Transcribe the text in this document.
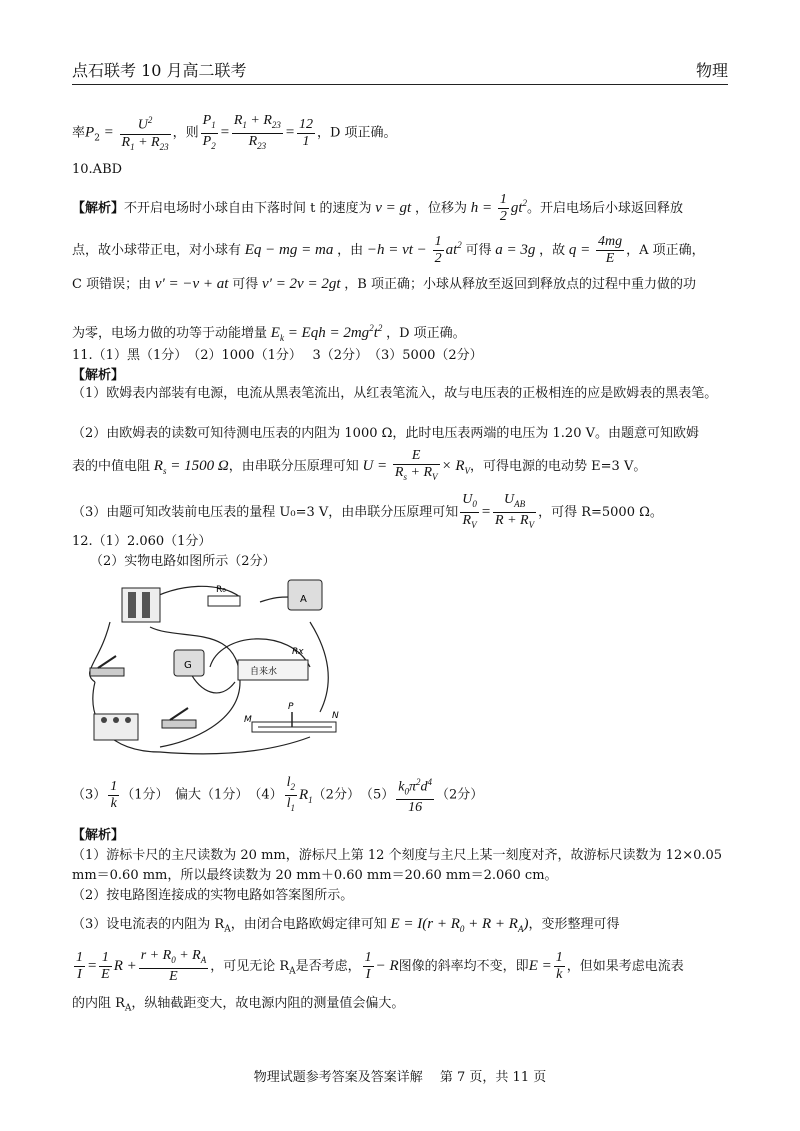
点石联考 10 月高二联考	物理
率$P_2 = \frac{U^2}{R_1 + R_{23}}$ ，则 $\frac{P_1}{P_2} = \frac{R_1 + R_{23}}{R_{23}} = \frac{12}{1}$ ，D 项正确。
10.ABD
【解析】不开启电场时小球自由下落时间 t 的速度为 v = gt ，位移为 $h = \frac{1}{2} gt^2$。开启电场后小球返回释放
点，故小球带正电，对小球有 Eq − mg = ma ，由 −h = vt − $\frac{1}{2} at^2$ 可得 a = 3g ，故 $q = \frac{4mg}{E}$ ，A 项正确，
C 项错误；由 v′ = −v + at 可得 v′ = 2v = 2gt ，B 项正确；小球从释放至返回到释放点的过程中重力做的功
为零，电场力做的功等于动能增量 $E_k$ = Eqh = $2mg^2t^2$ ，D 项正确。
11.（1）黑（1分）　（2）1000（1分）　 3（2分）　（3）5000（2分）
【解析】
（1）欧姆表内部装有电源，电流从黑表笔流出，从红表笔流入，故与电压表的正极相连的应是欧姆表的黑表笔。
（2）由欧姆表的读数可知待测电压表的内阻为 1000 Ω，此时电压表两端的电压为 1.20 V。由题意可知欧姆
表的中值电阻 $R_s = 1500$ Ω，由串联分压原理可知 $U = \frac{E}{R_s + R_V} \times R_V$，可得电源的电动势 E=3 V。
（3）由题可知改装前电压表的量程 U₀=3 V，由串联分压原理可知 $\frac{U_0}{R_V} = \frac{U_{AB}}{R + R_V}$ ，可得 R=5000 Ω。
12.（1）2.060（1分）
（2）实物电路如图所示（2分）
R₀
A
G
自来水
Rx
M
P
N
$(3) \frac{1}{k} (1$分）　偏大（1分）　$(4) \frac{l_2}{l_1} R_1(2$分）　$(5) \frac{k_0\pi^2d^4}{16} (2$分）
【解析】
（1）游标卡尺的主尺读数为 20 mm，游标尺上第 12 个刻度与主尺上某一刻度对齐，故游标尺读数为 12×0.05
mm＝0.60 mm，所以最终读数为 20 mm＋0.60 mm＝20.60 mm＝2.060 cm。
（2）按电路图连接成的实物电路如答案图所示。
（3）设电流表的内阻为 $R_A$，由闭合电路欧姆定律可知 $E = I(r + R_0 + R + R_A)$，变形整理可得
$\frac{1}{I} = \frac{1}{E}$ $R + \frac{r + R_0 + R_A}{E}$ ，可见无论 $R_A$是否考虑， $\frac{1}{I} - R$图像的斜率均不变，即$E = \frac{1}{k}$ ，但如果考虑电流表
的内阻 $R_A$，纵轴截距变大，故电源内阻的测量值会偏大。
物理试题参考答案及答案详解　 第 7 页，共 11 页
